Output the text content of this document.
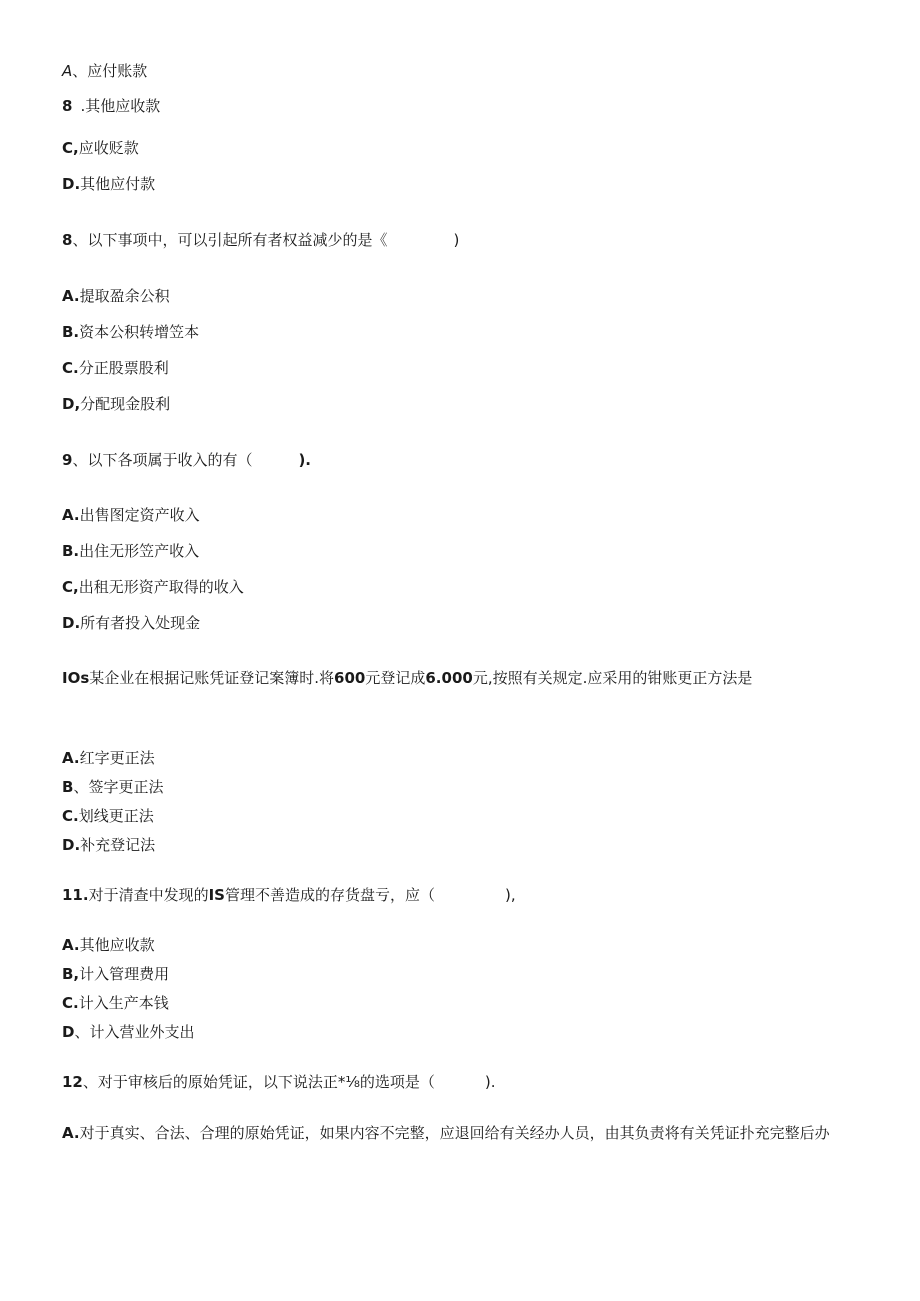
A、应付账款

8 .其他应收款

C,应收贬款

D.其他应付款

8、以下事项中，可以引起所有者权益减少的是《	)

A.提取盈余公积

B.资本公积转增笠本

C.分正股票股利

D,分配现金股利

9、以下各项属于收入的有（	).

A.出售图定资产收入

B.出住无形笠产收入

C,出租无形资产取得的收入

D.所有者投入处现金

IOs某企业在根据记账凭证登记案簿时.将600元登记成6.000元,按照有关规定.应采用的钳账更正方法是

A.红字更正法

B、签字更正法

C.划线更正法

D.补充登记法

11.对于清查中发现的IS管理不善造成的存货盘亏，应（	),

A.其他应收款

B,计入管理费用

C.计入生产本钱

D、计入营业外支出

12、对于审核后的原始凭证，以下说法正*⅛的选项是（	).

A.对于真实、合法、合理的原始凭证，如果内容不完整，应退回给有关经办人员，由其负责将有关凭证扑充完整后办
